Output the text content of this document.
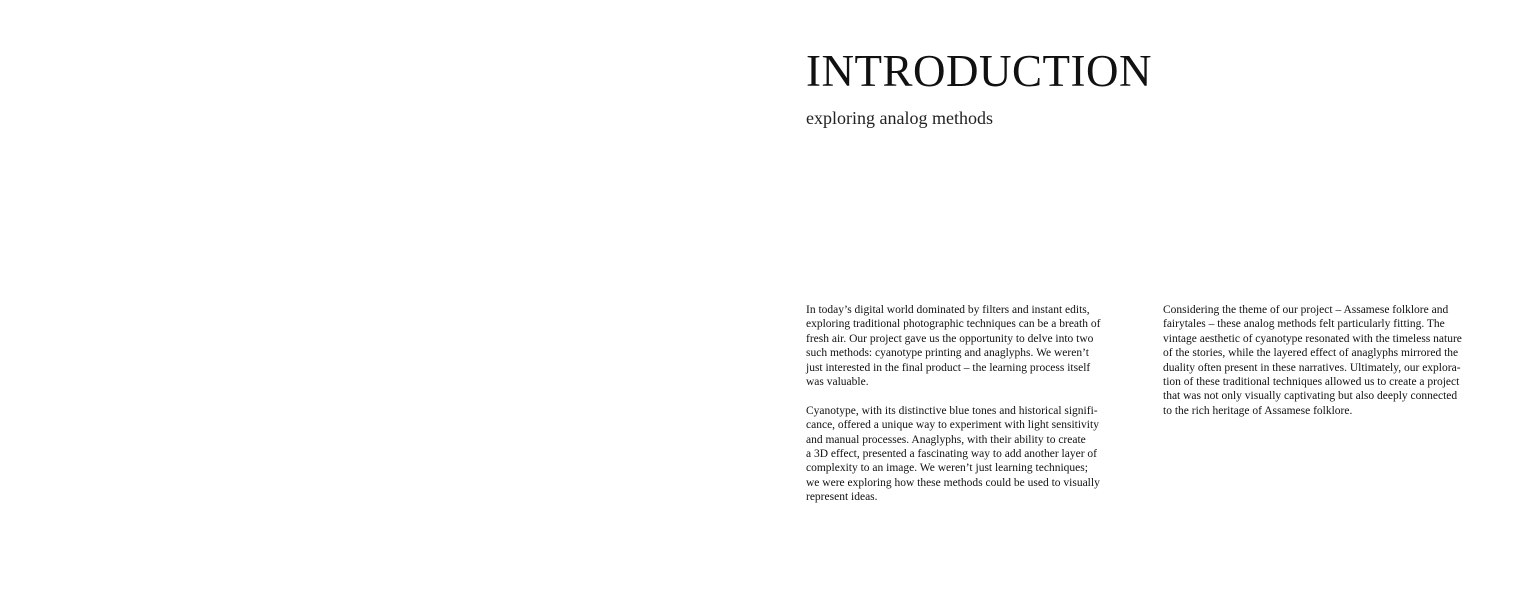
INTRODUCTION
exploring analog methods
In today’s digital world dominated by filters and instant edits,
exploring traditional photographic techniques can be a breath of
fresh air. Our project gave us the opportunity to delve into two
such methods: cyanotype printing and anaglyphs. We weren’t
just interested in the final product – the learning process itself
was valuable.
Cyanotype, with its distinctive blue tones and historical signifi-
cance, offered a unique way to experiment with light sensitivity
and manual processes. Anaglyphs, with their ability to create
a 3D effect, presented a fascinating way to add another layer of
complexity to an image. We weren’t just learning techniques;
we were exploring how these methods could be used to visually
represent ideas.
Considering the theme of our project – Assamese folklore and
fairytales – these analog methods felt particularly fitting. The
vintage aesthetic of cyanotype resonated with the timeless nature
of the stories, while the layered effect of anaglyphs mirrored the
duality often present in these narratives. Ultimately, our explora-
tion of these traditional techniques allowed us to create a project
that was not only visually captivating but also deeply connected
to the rich heritage of Assamese folklore.
